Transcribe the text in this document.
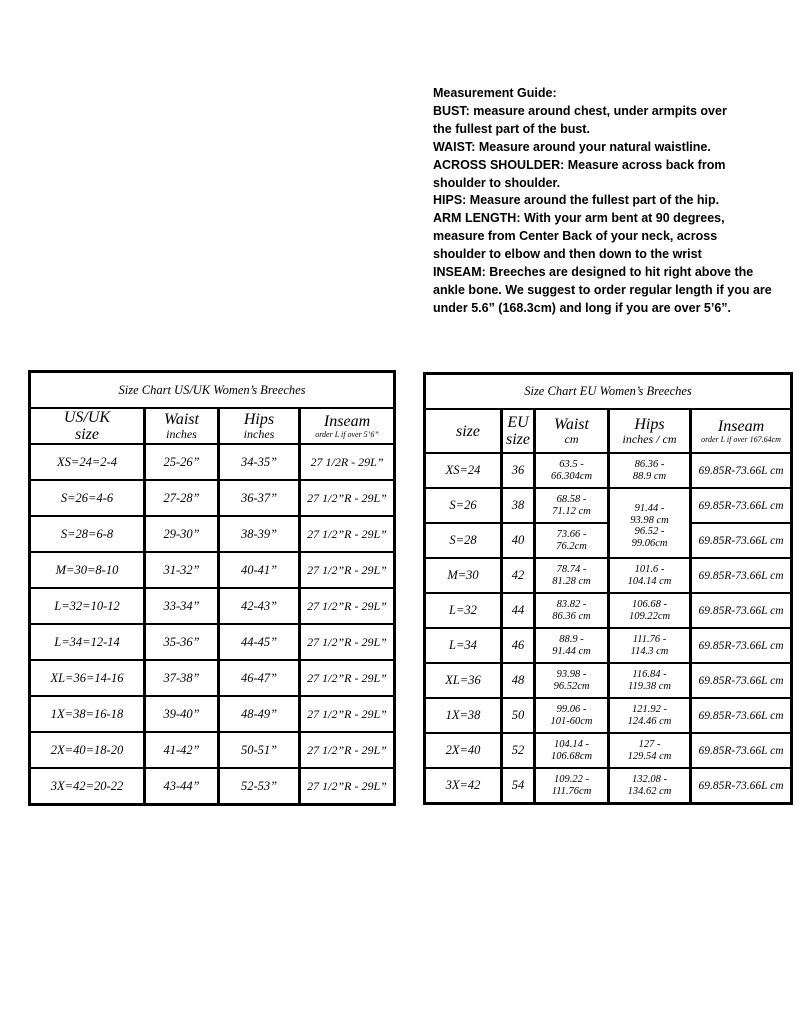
Measurement Guide:
BUST: measure around chest, under armpits over
the fullest part of the bust.
WAIST: Measure around your natural waistline.
ACROSS SHOULDER: Measure across back from
shoulder to shoulder.
HIPS: Measure around the fullest part of the hip.
ARM LENGTH: With your arm bent at 90 degrees,
measure from Center Back of your neck, across
shoulder to elbow and then down to the wrist
INSEAM: Breeches are designed to hit right above the
ankle bone. We suggest to order regular length if you are
under 5.6” (168.3cm) and long if you are over 5’6”.
Size Chart US/UK Women’s Breeches			

US/UK
size

Waist
inches

Hips
inches

Inseam
order L if over 5’6”

XS=24=2-4	25-26”	34-35”	27 1/2R - 29L”
S=26=4-6	27-28”	36-37”	27 1/2”R - 29L”
S=28=6-8	29-30”	38-39”	27 1/2”R - 29L”
M=30=8-10	31-32”	40-41”	27 1/2”R - 29L”
L=32=10-12	33-34”	42-43”	27 1/2”R - 29L”
L=34=12-14	35-36”	44-45”	27 1/2”R - 29L”
XL=36=14-16	37-38”	46-47”	27 1/2”R - 29L”
1X=38=16-18	39-40”	48-49”	27 1/2”R - 29L”
2X=40=18-20	41-42”	50-51”	27 1/2”R - 29L”
3X=42=20-22	43-44”	52-53”	27 1/2”R - 29L”
Size Chart EU Women’s Breeches				

size	EU
size

Waist
cm

Hips
inches / cm

Inseam
order L if over 167.64cm

XS=24	36	63.5 -
66.304cm	86.36 -
88.9 cm	69.85R-73.66L cm
S=26	38	68.58 -
71.12 cm	91.44 -
93.98 cm
96.52 -
99.06cm	69.85R-73.66L cm
S=28	40	73.66 -
76.2cm		69.85R-73.66L cm
M=30	42	78.74 -
81.28 cm	101.6 -
104.14 cm	69.85R-73.66L cm
L=32	44	83.82 -
86.36 cm	106.68 -
109.22cm	69.85R-73.66L cm
L=34	46	88.9 -
91.44 cm	111.76 -
114.3 cm	69.85R-73.66L cm
XL=36	48	93.98 -
96.52cm	116.84 -
119.38 cm	69.85R-73.66L cm
1X=38	50	99.06 -
101-60cm	121.92 -
124.46 cm	69.85R-73.66L cm
2X=40	52	104.14 -
106.68cm	127 -
129.54 cm	69.85R-73.66L cm
3X=42	54	109.22 -
111.76cm	132.08 -
134.62 cm	69.85R-73.66L cm
